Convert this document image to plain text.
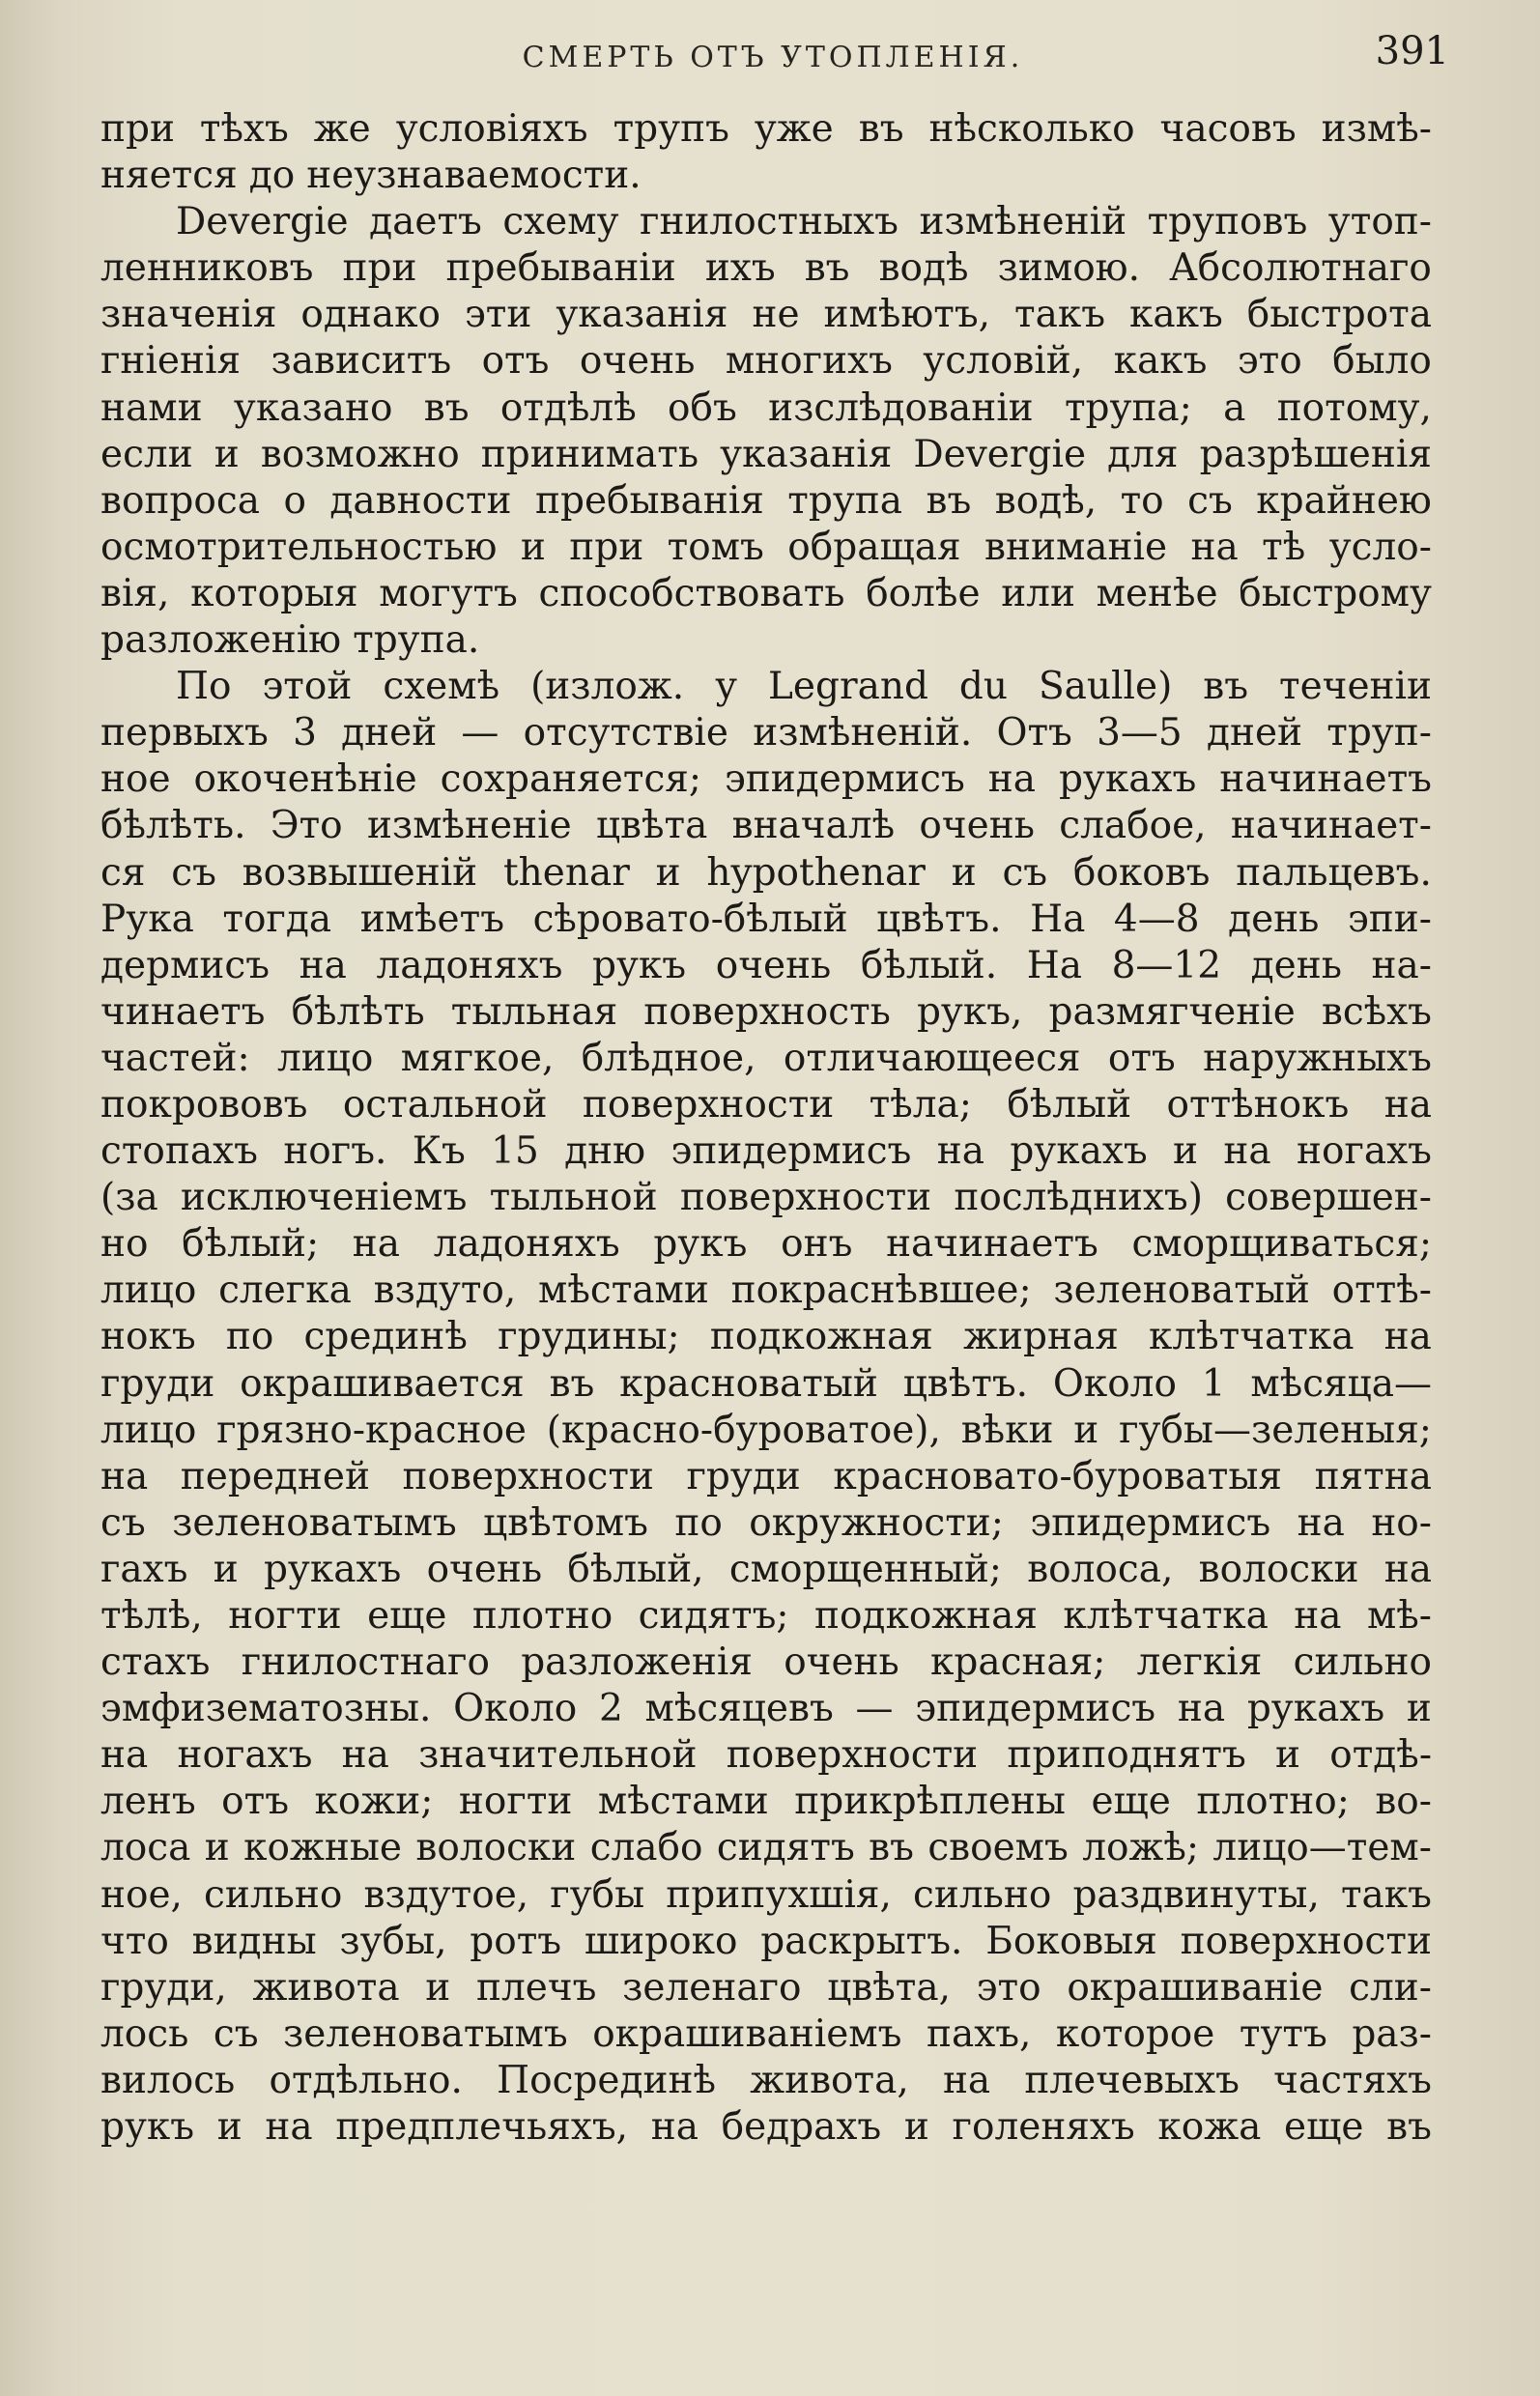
СМЕРТЬ ОТЪ УТОПЛЕНІЯ.	391
при тѣхъ же условіяхъ трупъ уже въ нѣсколько часовъ измѣ-
няется до неузнаваемости.
Devergie даетъ схему гнилостныхъ измѣненій труповъ утоп-
ленниковъ при пребываніи ихъ въ водѣ зимою. Абсолютнаго
значенія однако эти указанія не имѣютъ, такъ какъ быстрота
гніенія зависитъ отъ очень многихъ условій, какъ это было
нами указано въ отдѣлѣ объ изслѣдованіи трупа; а потому,
если и возможно принимать указанія Devergie для разрѣшенія
вопроса о давности пребыванія трупа въ водѣ, то съ крайнею
осмотрительностью и при томъ обращая вниманіе на тѣ усло-
вія, которыя могутъ способствовать болѣе или менѣе быстрому
разложенію трупа.
По этой схемѣ (излож. у Legrand du Saulle) въ теченіи
первыхъ 3 дней — отсутствіе измѣненій. Отъ 3—5 дней труп-
ное окоченѣніе сохраняется; эпидермисъ на рукахъ начинаетъ
бѣлѣть. Это измѣненіе цвѣта вначалѣ очень слабое, начинает-
ся съ возвышеній thenar и hypothenar и съ боковъ пальцевъ.
Рука тогда имѣетъ сѣровато-бѣлый цвѣтъ. На 4—8 день эпи-
дермисъ на ладоняхъ рукъ очень бѣлый. На 8—12 день на-
чинаетъ бѣлѣть тыльная поверхность рукъ, размягченіе всѣхъ
частей: лицо мягкое, блѣдное, отличающееся отъ наружныхъ
покрововъ остальной поверхности тѣла; бѣлый оттѣнокъ на
стопахъ ногъ. Къ 15 дню эпидермисъ на рукахъ и на ногахъ
(за исключеніемъ тыльной поверхности послѣднихъ) совершен-
но бѣлый; на ладоняхъ рукъ онъ начинаетъ сморщиваться;
лицо слегка вздуто, мѣстами покраснѣвшее; зеленоватый оттѣ-
нокъ по срединѣ грудины; подкожная жирная клѣтчатка на
груди окрашивается въ красноватый цвѣтъ. Около 1 мѣсяца—
лицо грязно-красное (красно-буроватое), вѣки и губы—зеленыя;
на передней поверхности груди красновато-буроватыя пятна
съ зеленоватымъ цвѣтомъ по окружности; эпидермисъ на но-
гахъ и рукахъ очень бѣлый, сморщенный; волоса, волоски на
тѣлѣ, ногти еще плотно сидятъ; подкожная клѣтчатка на мѣ-
стахъ гнилостнаго разложенія очень красная; легкія сильно
эмфизематозны. Около 2 мѣсяцевъ — эпидермисъ на рукахъ и
на ногахъ на значительной поверхности приподнятъ и отдѣ-
ленъ отъ кожи; ногти мѣстами прикрѣплены еще плотно; во-
лоса и кожные волоски слабо сидятъ въ своемъ ложѣ; лицо—тем-
ное, сильно вздутое, губы припухшія, сильно раздвинуты, такъ
что видны зубы, ротъ широко раскрытъ. Боковыя поверхности
груди, живота и плечъ зеленаго цвѣта, это окрашиваніе сли-
лось съ зеленоватымъ окрашиваніемъ пахъ, которое тутъ раз-
вилось отдѣльно. Посрединѣ живота, на плечевыхъ частяхъ
рукъ и на предплечьяхъ, на бедрахъ и голеняхъ кожа еще въ
